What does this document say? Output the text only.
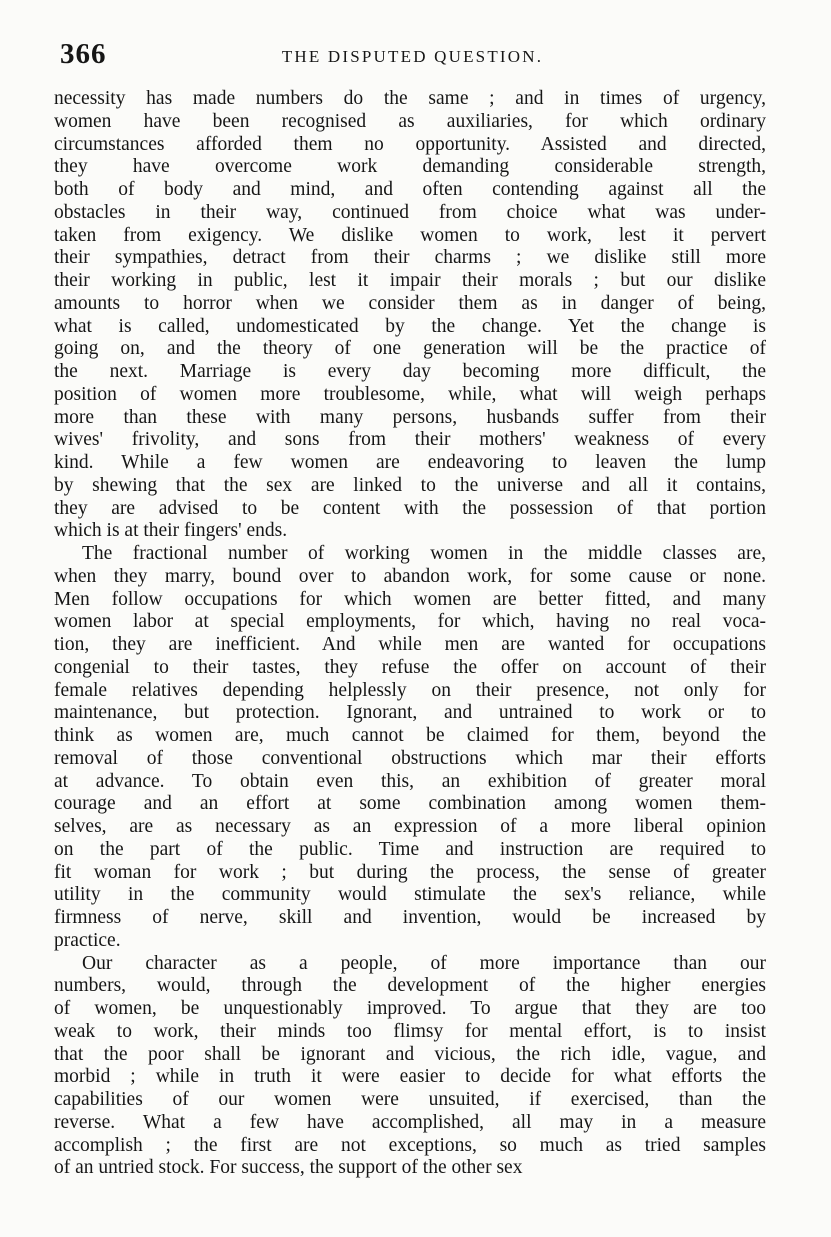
366	THE DISPUTED QUESTION.
necessity has made numbers do the same ; and in times of urgency,
women have been recognised as auxiliaries, for which ordinary
circumstances afforded them no opportunity. Assisted and directed,
they have overcome work demanding considerable strength,
both of body and mind, and often contending against all the
obstacles in their way, continued from choice what was under-
taken from exigency. We dislike women to work, lest it pervert
their sympathies, detract from their charms ; we dislike still more
their working in public, lest it impair their morals ; but our dislike
amounts to horror when we consider them as in danger of being,
what is called, undomesticated by the change. Yet the change is
going on, and the theory of one generation will be the practice of
the next. Marriage is every day becoming more difficult, the
position of women more troublesome, while, what will weigh perhaps
more than these with many persons, husbands suffer from their
wives' frivolity, and sons from their mothers' weakness of every
kind. While a few women are endeavoring to leaven the lump
by shewing that the sex are linked to the universe and all it contains,
they are advised to be content with the possession of that portion
which is at their fingers' ends.
The fractional number of working women in the middle classes are,
when they marry, bound over to abandon work, for some cause or none.
Men follow occupations for which women are better fitted, and many
women labor at special employments, for which, having no real voca-
tion, they are inefficient. And while men are wanted for occupations
congenial to their tastes, they refuse the offer on account of their
female relatives depending helplessly on their presence, not only for
maintenance, but protection. Ignorant, and untrained to work or to
think as women are, much cannot be claimed for them, beyond the
removal of those conventional obstructions which mar their efforts
at advance. To obtain even this, an exhibition of greater moral
courage and an effort at some combination among women them-
selves, are as necessary as an expression of a more liberal opinion
on the part of the public. Time and instruction are required to
fit woman for work ; but during the process, the sense of greater
utility in the community would stimulate the sex's reliance, while
firmness of nerve, skill and invention, would be increased by
practice.
Our character as a people, of more importance than our
numbers, would, through the development of the higher energies
of women, be unquestionably improved. To argue that they are too
weak to work, their minds too flimsy for mental effort, is to insist
that the poor shall be ignorant and vicious, the rich idle, vague, and
morbid ; while in truth it were easier to decide for what efforts the
capabilities of our women were unsuited, if exercised, than the
reverse. What a few have accomplished, all may in a measure
accomplish ; the first are not exceptions, so much as tried samples
of an untried stock. For success, the support of the other sex
